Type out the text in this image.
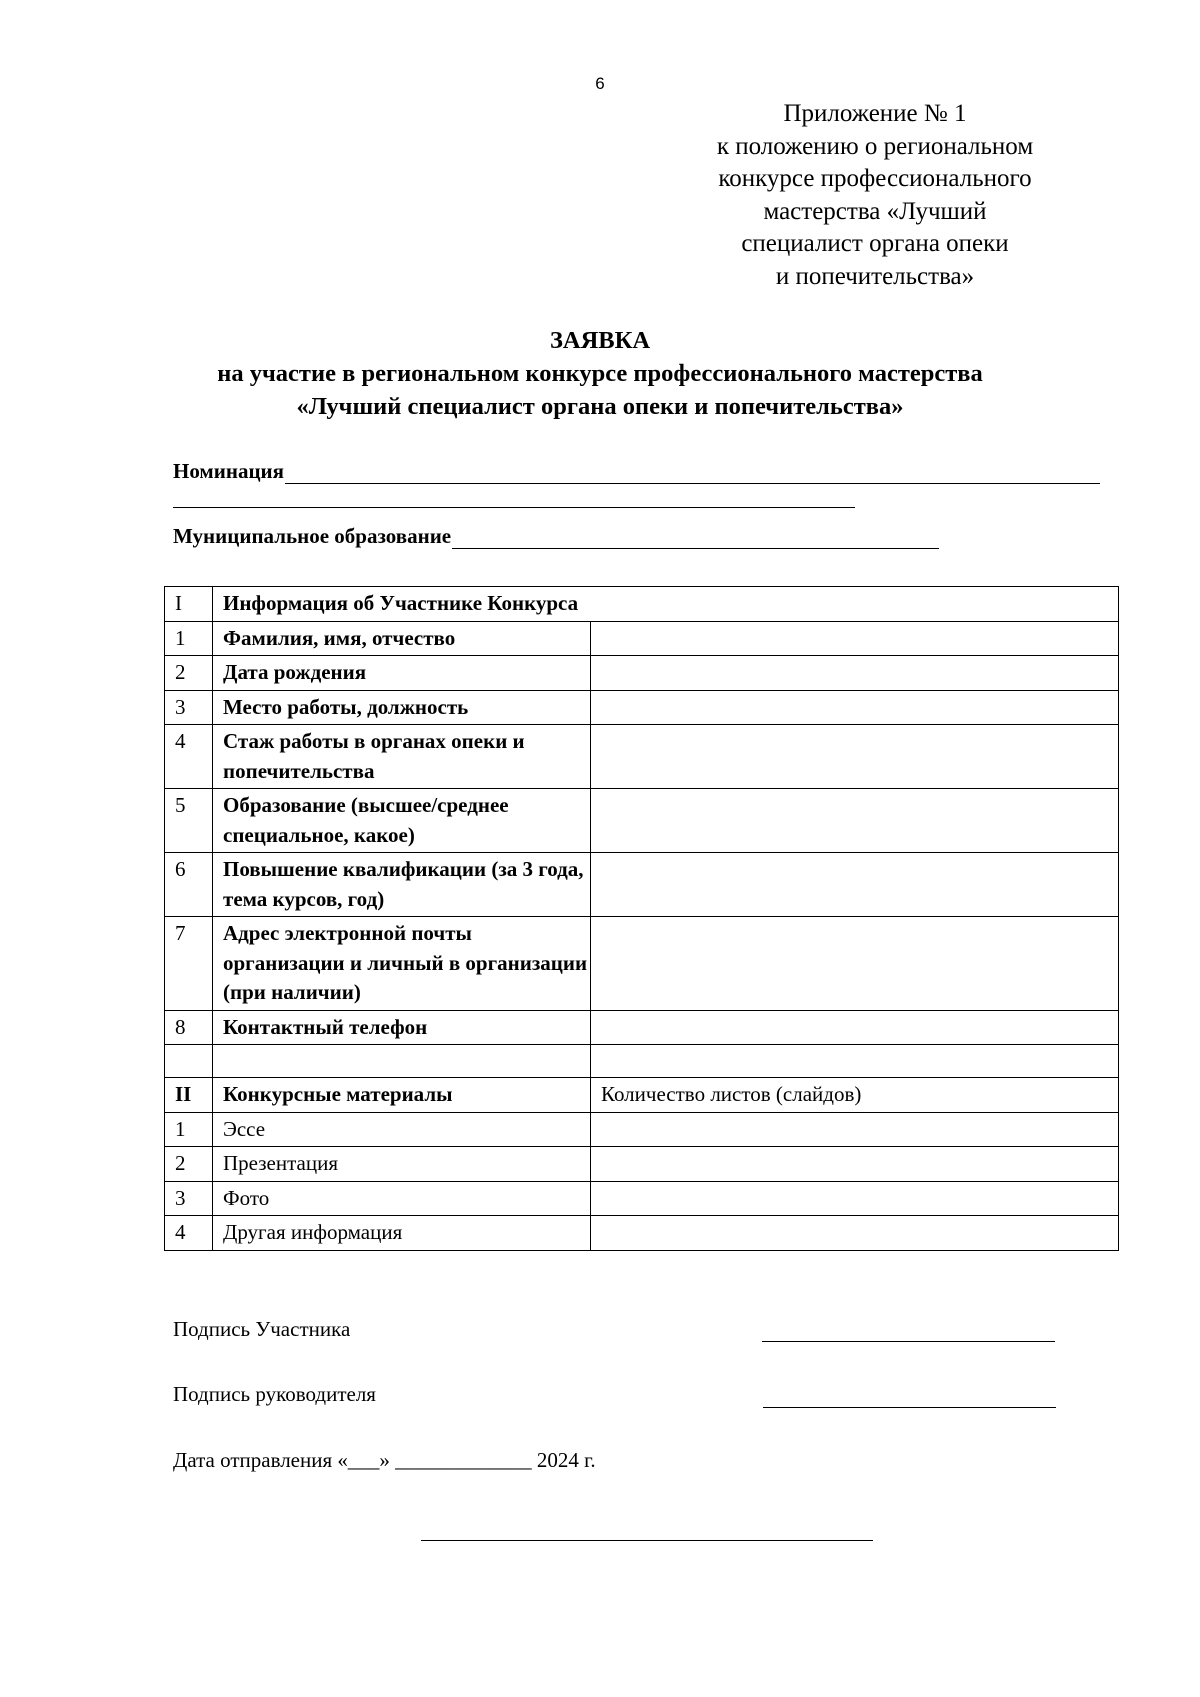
6
Приложение № 1
к положению о региональном
конкурсе профессионального
мастерства «Лучший
специалист органа опеки
и попечительства»
ЗАЯВКА
на участие в региональном конкурсе профессионального мастерства
«Лучший специалист органа опеки и попечительства»
Номинация
Муниципальное образование
I	Информация об Участнике Конкурса	
1	Фамилия, имя, отчество	
2	Дата рождения	
3	Место работы, должность	
4	Стаж работы в органах опеки и попечительства	
5	Образование (высшее/среднее специальное, какое)	
6	Повышение квалификации (за 3 года, тема курсов, год)	
7	Адрес электронной почты организации и личный в организации (при наличии)	
8	Контактный телефон	

II	Конкурсные материалы	Количество листов (слайдов)
1	Эссе	
2	Презентация	
3	Фото	
4	Другая информация	
Подпись Участника
Подпись руководителя
Дата отправления «___» _____________ 2024 г.
